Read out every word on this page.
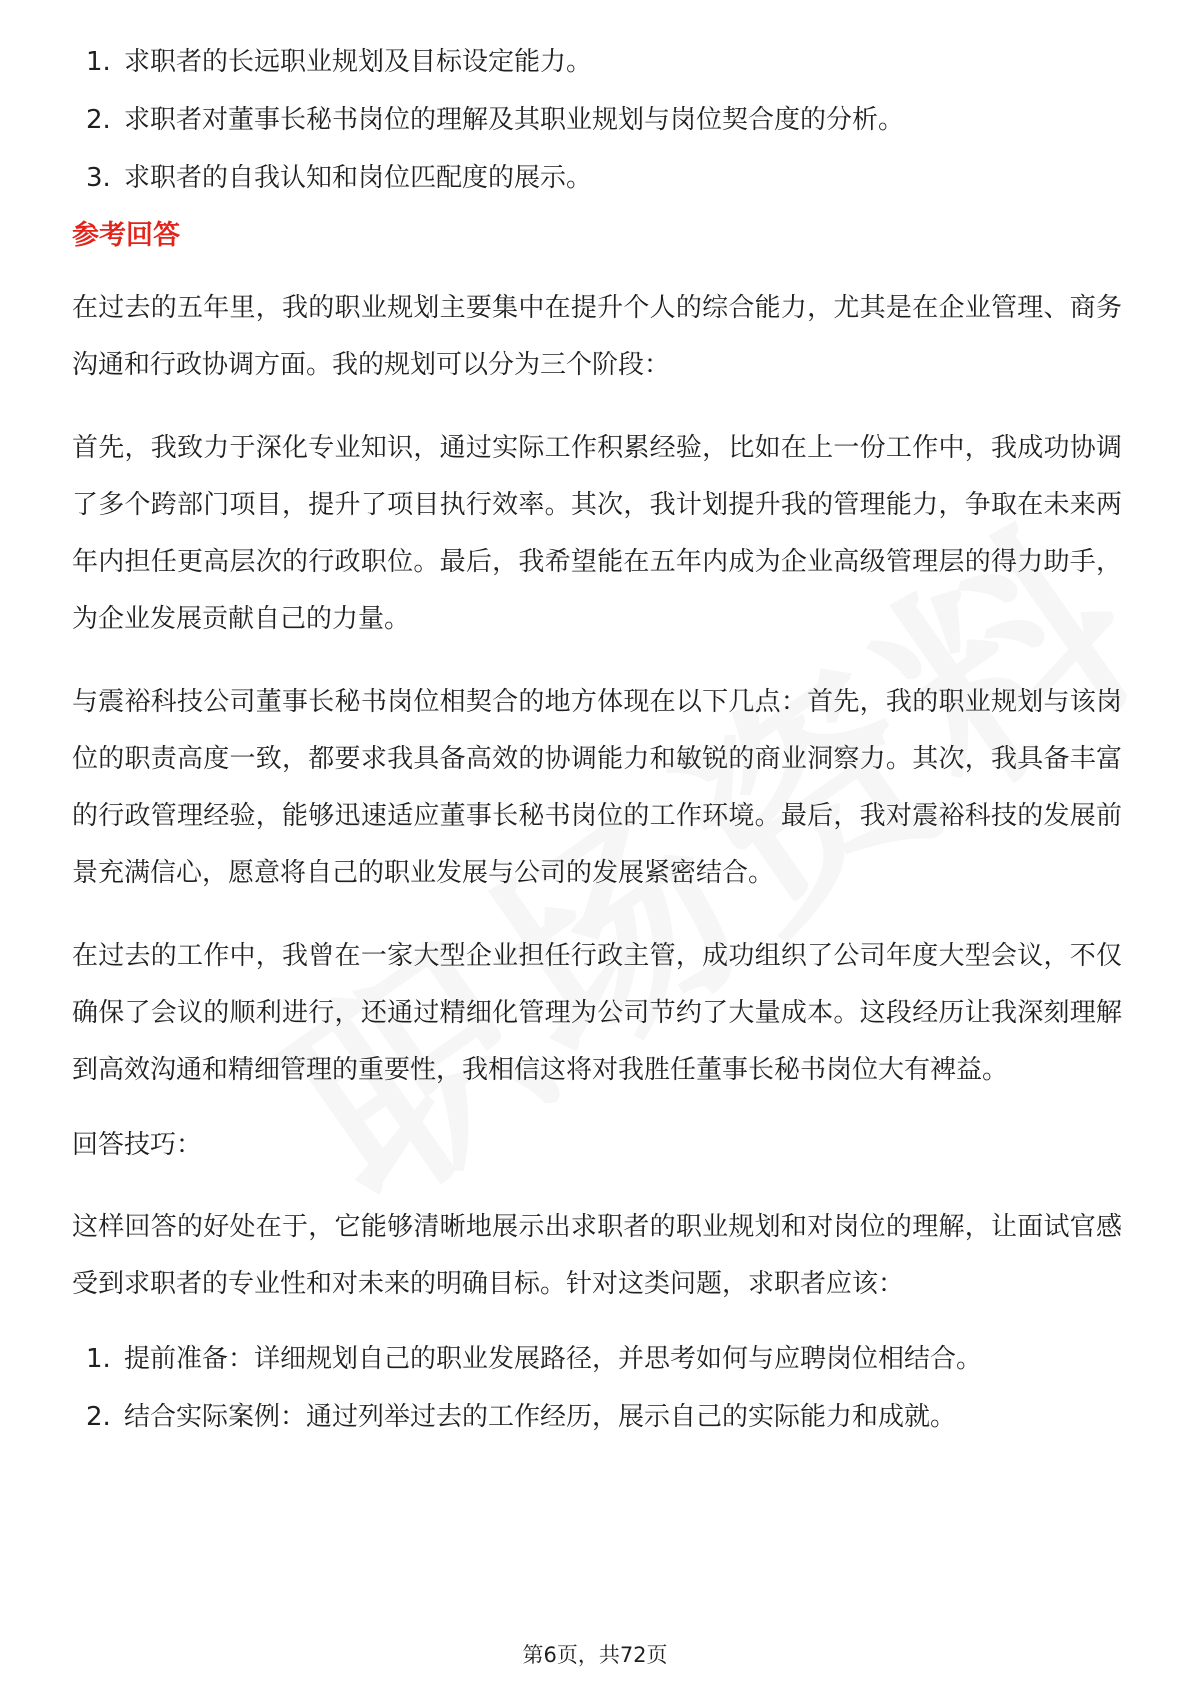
1. 求职者的长远职业规划及目标设定能力。
2. 求职者对董事长秘书岗位的理解及其职业规划与岗位契合度的分析。
3. 求职者的自我认知和岗位匹配度的展示。
参考回答

在过去的五年里，我的职业规划主要集中在提升个人的综合能力，尤其是在企业管理、商务沟通和行政协调方面。我的规划可以分为三个阶段：

首先，我致力于深化专业知识，通过实际工作积累经验，比如在上一份工作中，我成功协调了多个跨部门项目，提升了项目执行效率。其次，我计划提升我的管理能力，争取在未来两年内担任更高层次的行政职位。最后，我希望能在五年内成为企业高级管理层的得力助手，为企业发展贡献自己的力量。

与震裕科技公司董事长秘书岗位相契合的地方体现在以下几点：首先，我的职业规划与该岗位的职责高度一致，都要求我具备高效的协调能力和敏锐的商业洞察力。其次，我具备丰富的行政管理经验，能够迅速适应董事长秘书岗位的工作环境。最后，我对震裕科技的发展前景充满信心，愿意将自己的职业发展与公司的发展紧密结合。

在过去的工作中，我曾在一家大型企业担任行政主管，成功组织了公司年度大型会议，不仅确保了会议的顺利进行，还通过精细化管理为公司节约了大量成本。这段经历让我深刻理解到高效沟通和精细管理的重要性，我相信这将对我胜任董事长秘书岗位大有裨益。

回答技巧：

这样回答的好处在于，它能够清晰地展示出求职者的职业规划和对岗位的理解，让面试官感受到求职者的专业性和对未来的明确目标。针对这类问题，求职者应该：

1. 提前准备：详细规划自己的职业发展路径，并思考如何与应聘岗位相结合。
2. 结合实际案例：通过列举过去的工作经历，展示自己的实际能力和成就。
第6页，共72页
